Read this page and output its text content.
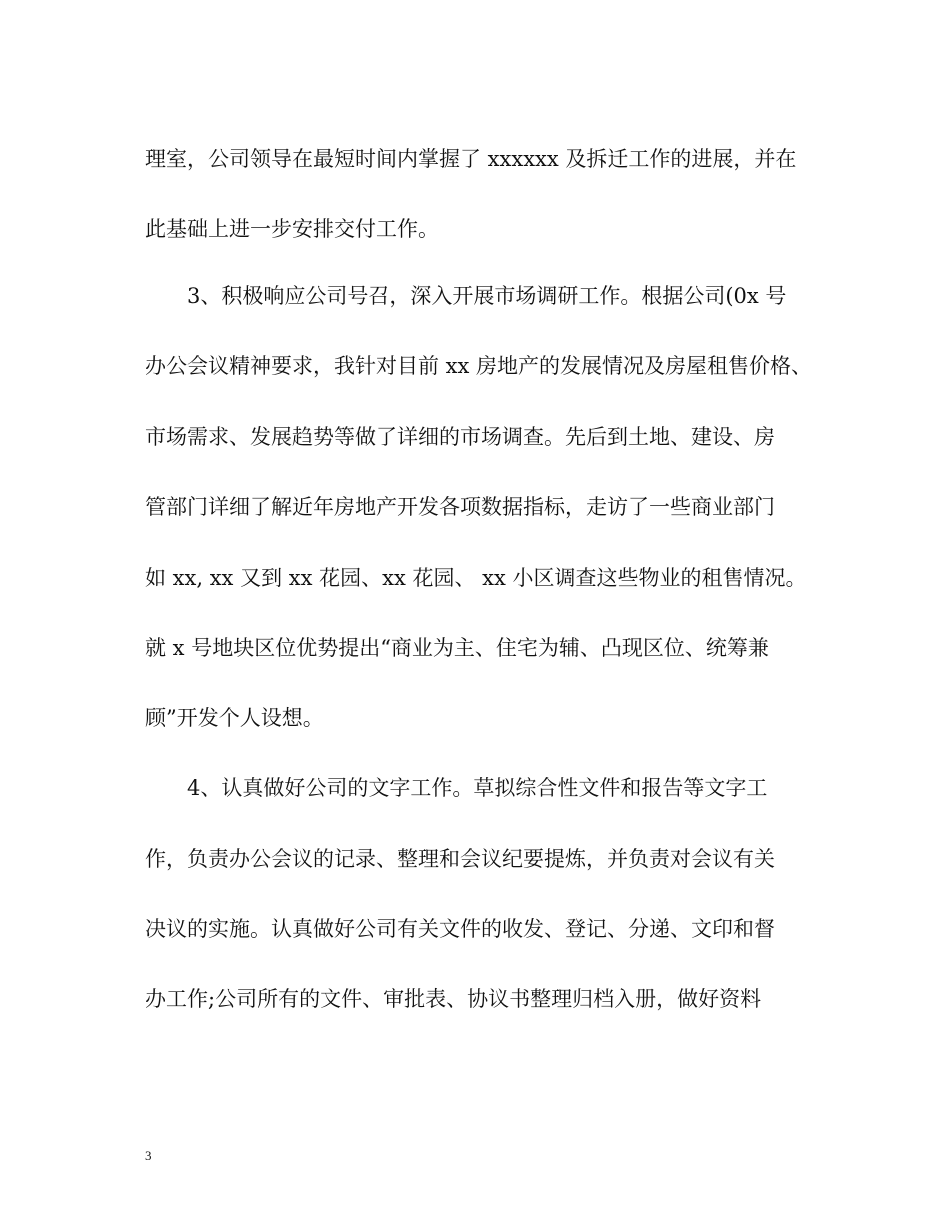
理室，公司领导在最短时间内掌握了 xxxxxx 及拆迁工作的进展，并在
此基础上进一步安排交付工作。
3、积极响应公司号召，深入开展市场调研工作。根据公司(0x 号
办公会议精神要求，我针对目前 xx 房地产的发展情况及房屋租售价格、
市场需求、发展趋势等做了详细的市场调查。先后到土地、建设、房
管部门详细了解近年房地产开发各项数据指标，走访了一些商业部门
如 xx, xx 又到 xx 花园、xx 花园、 xx 小区调查这些物业的租售情况。
就 x 号地块区位优势提出“商业为主、住宅为辅、凸现区位、统筹兼
顾”开发个人设想。
4、认真做好公司的文字工作。草拟综合性文件和报告等文字工
作，负责办公会议的记录、整理和会议纪要提炼，并负责对会议有关
决议的实施。认真做好公司有关文件的收发、登记、分递、文印和督
办工作;公司所有的文件、审批表、协议书整理归档入册，做好资料
3
